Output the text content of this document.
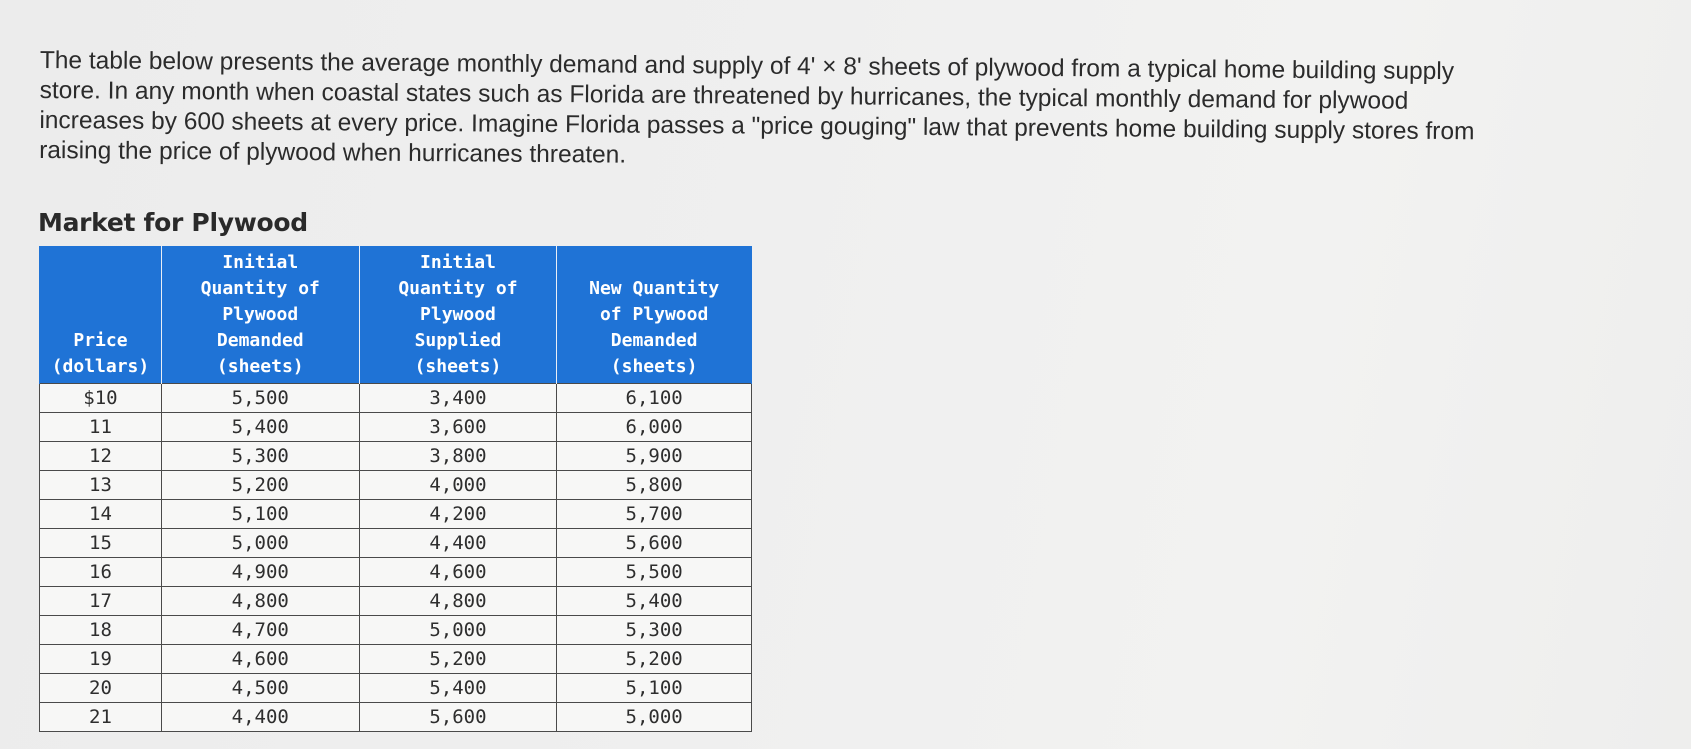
The table below presents the average monthly demand and supply of 4' × 8' sheets of plywood from a typical home building supply
store. In any month when coastal states such as Florida are threatened by hurricanes, the typical monthly demand for plywood
increases by 600 sheets at every price. Imagine Florida passes a "price gouging" law that prevents home building supply stores from
raising the price of plywood when hurricanes threaten.
Market for Plywood
Price
(dollars)	Initial
Quantity of
Plywood
Demanded
(sheets)	Initial
Quantity of
Plywood
Supplied
(sheets)	New Quantity
of Plywood
Demanded
(sheets)

$10	5,500	3,400	6,100
11	5,400	3,600	6,000
12	5,300	3,800	5,900
13	5,200	4,000	5,800
14	5,100	4,200	5,700
15	5,000	4,400	5,600
16	4,900	4,600	5,500
17	4,800	4,800	5,400
18	4,700	5,000	5,300
19	4,600	5,200	5,200
20	4,500	5,400	5,100
21	4,400	5,600	5,000
